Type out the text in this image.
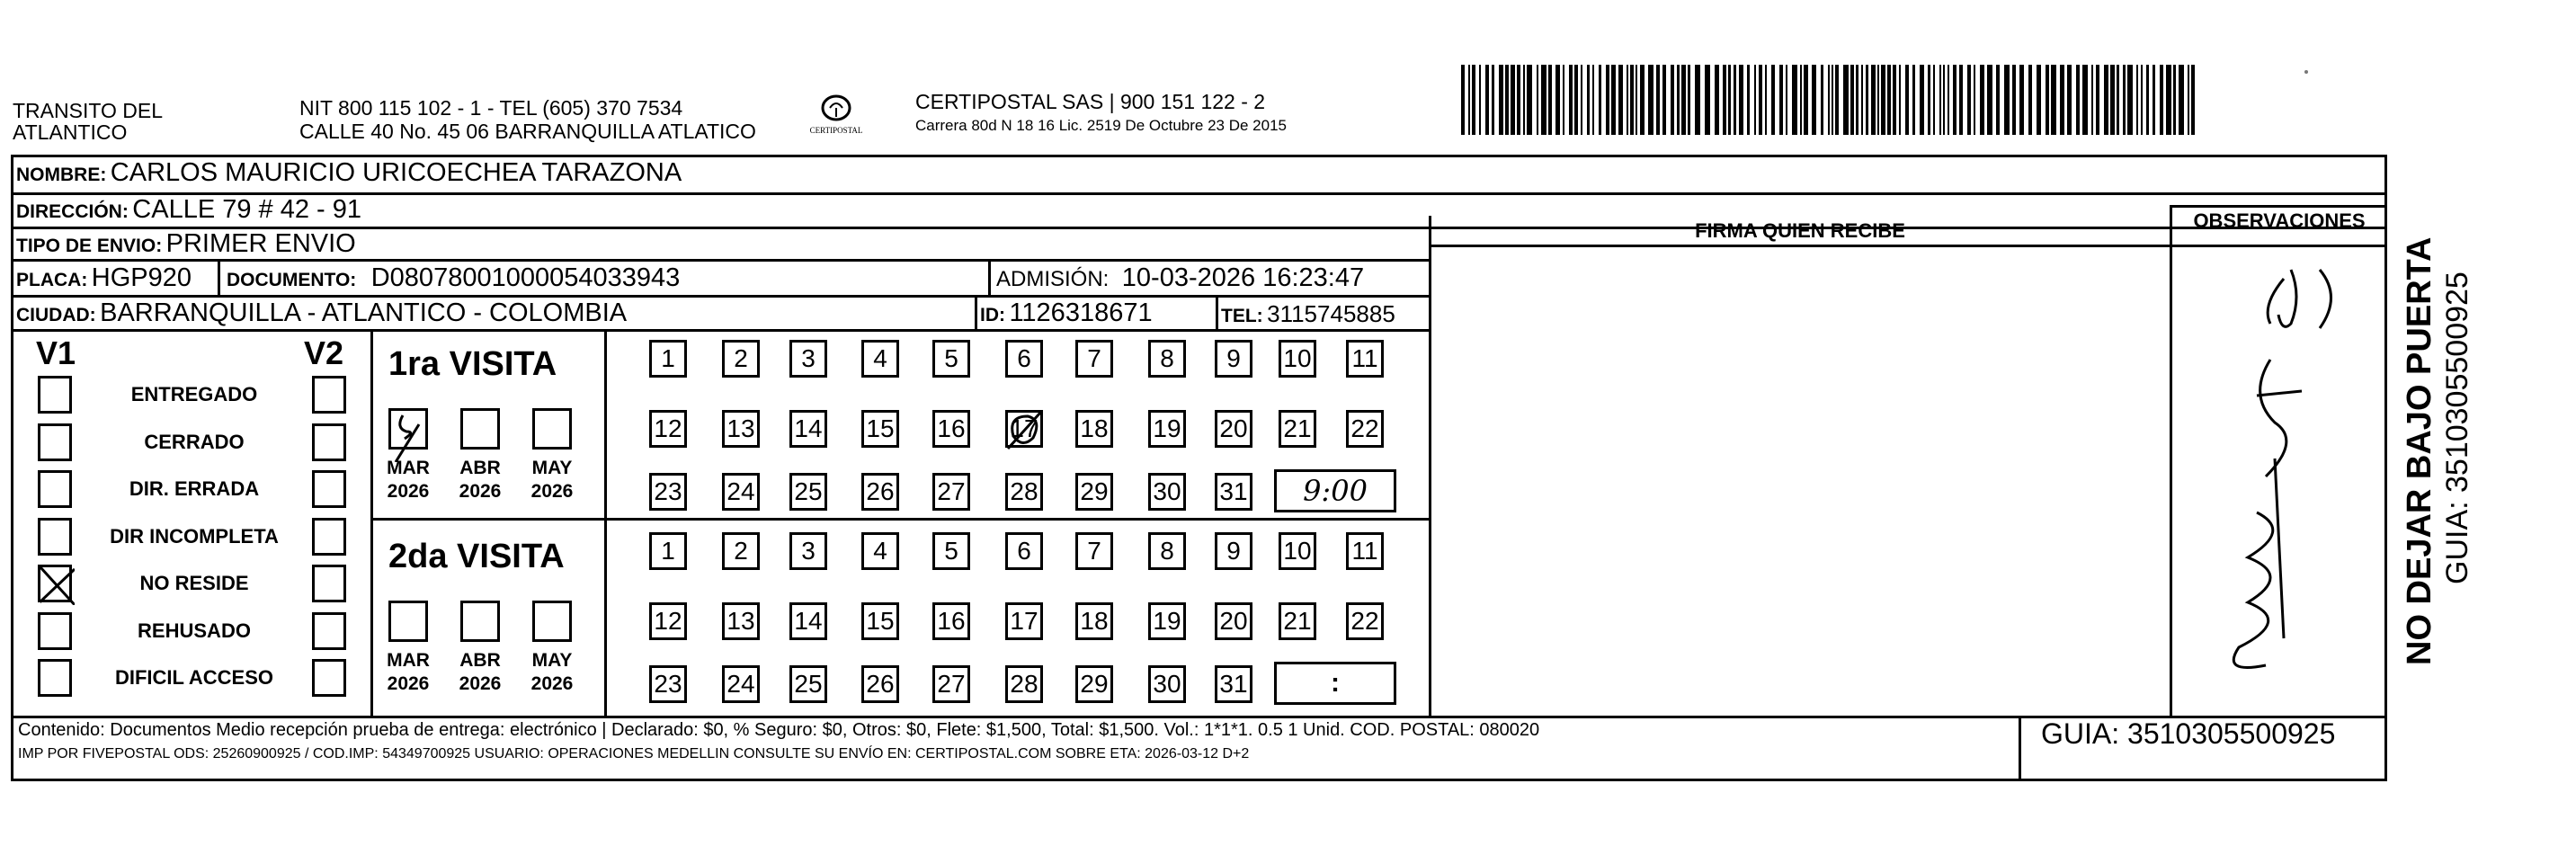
TRANSITO DEL
ATLANTICO
NIT 800 115 102 - 1 - TEL (605) 370 7534
CALLE 40 No. 45 06 BARRANQUILLA ATLATICO	CERTIPOSTAL
CERTIPOSTAL SAS | 900 151 122 - 2
Carrera 80d N 18 16 Lic. 2519 De Octubre 23 De 2015
NOMBRE: CARLOS MAURICIO URICOECHEA TARAZONA
DIRECCIÓN: CALLE 79 # 42 - 91
TIPO DE ENVIO: PRIMER ENVIO
PLACA: HGP920 DOCUMENTO: D08078001000054033943	ADMISIÓN: 10-03-2026 16:23:47
CIUDAD: BARRANQUILLA - ATLANTICO - COLOMBIA	ID: 1126318671	TEL: 3115745885
FIRMA QUIEN RECIBE	OBSERVACIONES
V1	V2
ENTREGADO
CERRADO
DIR. ERRADA
DIR INCOMPLETA
NO RESIDE
REHUSADO
DIFICIL ACCESO
1ra VISITA
MAR
2026
ABR
2026
MAY
2026
1	2	3	4	5	6	7	8	9	10 11
12 13 14 15 16 17 18 19 20 21 22
23 24 25 26 27 28 29 30 31 9:00
2da VISITA
MAR
2026
ABR
2026
MAY
2026
1	2	3	4	5	6	7	8	9	10 11
12 13 14 15 16 17 18 19 20 21 22
23 24 25 26 27 28 29 30 31	:
Contenido: Documentos Medio recepción prueba de entrega: electrónico | Declarado: $0, % Seguro: $0, Otros: $0, Flete: $1,500, Total: $1,500. Vol.: 1*1*1. 0.5 1 Unid. COD. POSTAL: 080020
IMP POR FIVEPOSTAL ODS: 25260900925 / COD.IMP: 54349700925 USUARIO: OPERACIONES MEDELLIN CONSULTE SU ENVÍO EN: CERTIPOSTAL.COM SOBRE ETA: 2026-03-12 D+2
GUIA: 3510305500925
NO DEJAR BAJO PUERTA GUIA: 3510305500925
